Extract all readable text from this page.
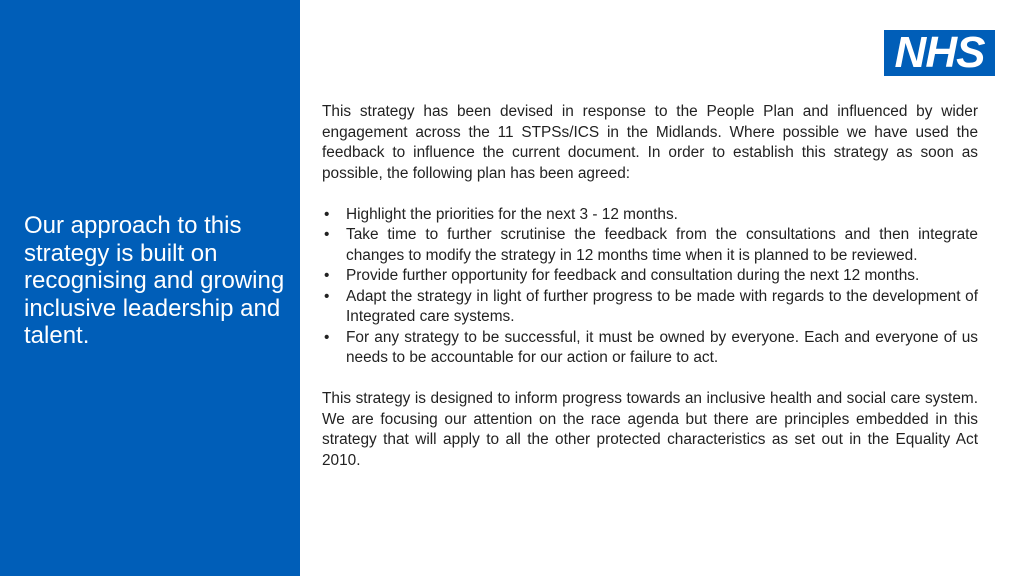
Our approach to this strategy is built on recognising and growing inclusive leadership and talent.
NHS

This strategy has been devised in response to the People Plan and influenced by wider engagement across the 11 STPSs/ICS in the Midlands. Where possible we have used the feedback to influence the current document. In order to establish this strategy as soon as possible, the following plan has been agreed:

• Highlight the priorities for the next 3 - 12 months.
• Take time to further scrutinise the feedback from the consultations and then integrate changes to modify the strategy in 12 months time when it is planned to be reviewed.
• Provide further opportunity for feedback and consultation during the next 12 months.
• Adapt the strategy in light of further progress to be made with regards to the development of Integrated care systems.
• For any strategy to be successful, it must be owned by everyone. Each and everyone of us needs to be accountable for our action or failure to act.

This strategy is designed to inform progress towards an inclusive health and social care system. We are focusing our attention on the race agenda but there are principles embedded in this strategy that will apply to all the other protected characteristics as set out in the Equality Act 2010.
